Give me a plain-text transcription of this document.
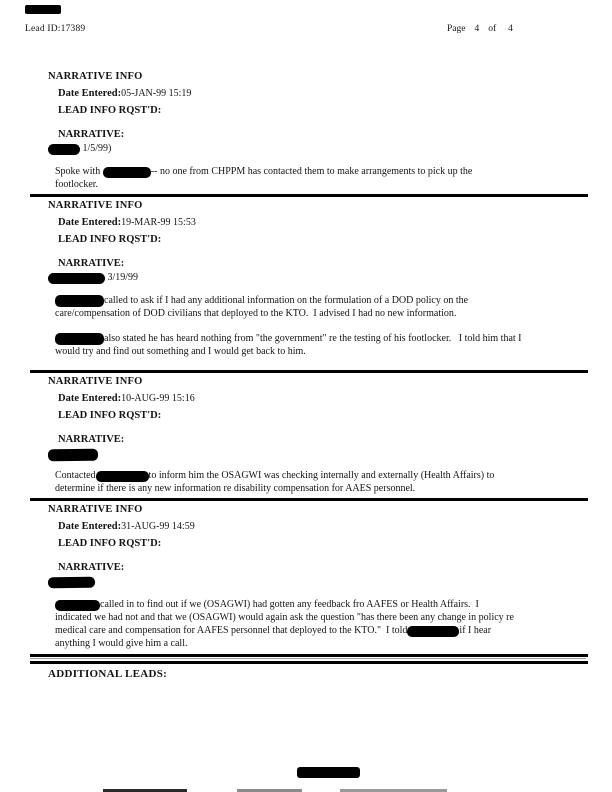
Lead ID:17389	Page 4 of 4
NARRATIVE INFO

Date Entered:05-JAN-99 15:19

LEAD INFO RQST'D:

NARRATIVE:

1/5/99)

Spoke with	-- no one from CHPPM has contacted them to make arrangements to pick up the
footlocker.
NARRATIVE INFO

Date Entered:19-MAR-99 15:53

LEAD INFO RQST'D:

NARRATIVE:

3/19/99

called to ask if I had any additional information on the formulation of a DOD policy on the
care/compensation of DOD civilians that deployed to the KTO.  I advised I had no new information.
also stated he has heard nothing from "the government" re the testing of his footlocker.   I told him that I
would try and find out something and I would get back to him.
NARRATIVE INFO

Date Entered:10-AUG-99 15:16

LEAD INFO RQST'D:

NARRATIVE:

Contacted	to inform him the OSAGWI was checking internally and externally (Health Affairs) to
determine if there is any new information re disability compensation for AAES personnel.
NARRATIVE INFO

Date Entered:31-AUG-99 14:59

LEAD INFO RQST'D:

NARRATIVE:

called in to find out if we (OSAGWI) had gotten any feedback fro AAFES or Health Affairs.  I
indicated we had not and that we (OSAGWI) would again ask the question "has there been any change in policy re
medical care and compensation for AAFES personnel that deployed to the KTO."  I told	if I hear
anything I would give him a call.

ADDITIONAL LEADS:
